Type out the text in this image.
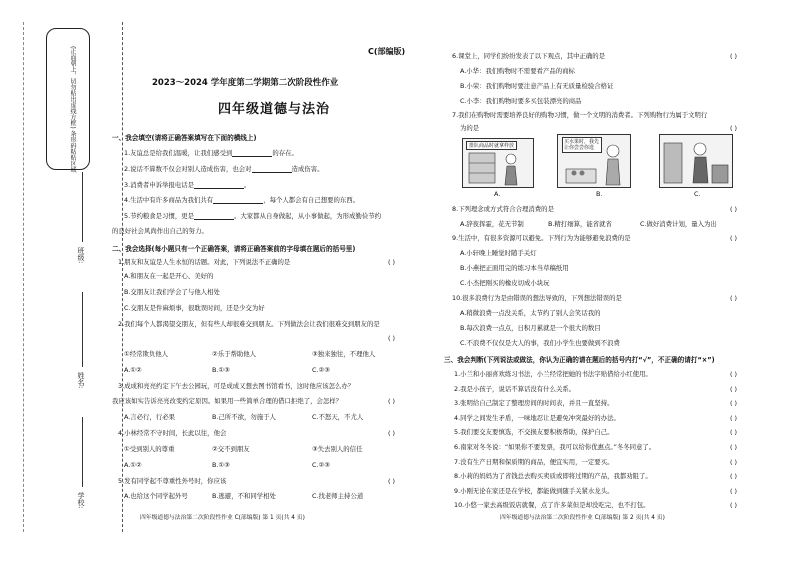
(正面朝上，切勿贴出虚线方框) 条形码粘贴区域
班级:
姓名:
学校:
C(部编版)
2023～2024 学年度第二学期第二次阶段性作业
四年级道德与法治
一、我会填空(请将正确答案填写在下面的横线上)
1.友谊总是给我们温暖，让我们感受到	的存在。
2.说话不算数不仅会对别人造成伤害，也会对	造成伤害。
3.消费者申诉举报电话是	。
4.生活中有许多商品为我们共有	，每个人都会有自己想要的东西。
5.节约粮食是习惯，更是	。大家都从自身做起，从小事做起，为形成勤俭节约
的良好社会风尚作出自己的努力。
二、我会选择(每小题只有一个正确答案，请将正确答案前的字母填在题后的括号里)
1.朋友和友谊是人生永恒的话题。对此，下列说法不正确的是	( )
A.和朋友在一起是开心、美好的
B.交朋友让我们学会了与他人相处
C.交朋友是件麻烦事，很耽误时间，还是少交为好
2.我们每个人都渴望交朋友，但有些人却很难交到朋友。下列做法会让我们很难交到朋友的是
( )
①经常欺负他人	②乐于帮助他人	③独来独往，不理他人
A.①②	B.①③	C.②③
3.成成和亮亮约定下午去公园玩，可是成成又想去图书馆看书，这时他应该怎么办？
我应该如实告诉亮亮改变约定原因。如果用一些简单合理的借口拒绝了，会怎样？	( )
A.言必行，行必果	B.己所不欲，勿施于人	C.不怒天，不尤人
4.小林经常不守时间，长此以往，他会	( )
①受到别人的尊重	②交不到朋友	③失去别人的信任
A.①②	B.①③	C.②③
5.发有同学起不尊重性外号时，你应该	( )
A.也给这个同学起外号	B.逃避，不和同学相处	C.找老师主持公道
四年级道德与法治第二次阶段性作业 C(部编版) 第 1 页(共 4 页)
6.课堂上，同学们纷纷发表了以下观点，其中正确的是	( )
A.小华：我们购物时不需要看产品的商标
B.小荣：我们购物时要注意产品上有无质量检验合格证
C.小李：我们购物时要多买包装漂亮的商品
7.我们在购物时需要培养良好的购物习惯，做一个文明的消费者。下列购物行为属于文明行
为的是	( )
排队商品时就拿样放
A.
买水果时，我先让你尝尝你选
B.	C.
8.下列理念或方式符合合理消费的是	( )
A.辞夜挥霍，花无节制	B.精打细算，能省就省	C.做好消费计划，量入为出
9.生活中，有很多资源可以避免。下列行为为能够避免浪费的是	( )
A.小轩晚上睡觉时随手关灯
B.小燕把正面用完的练习本当草稿纸用
C.小杰把刚买的橡皮切成小块玩
10.很多浪费行为是由错误的想法导致的，下列想法错误的是	( )
A.稍微浪费一点没关系，太节约了别人会笑话我的
B.每次浪费一点点，日积月累就是一个很大的数目
C.不浪费不仅仅是大人的事，我们小学生也要做到不浪费
三、我会判断(下列说法或做法，你认为正确的请在题后的括号内打“√”，不正确的请打“×”)
1.小兰和小丽喜欢练习书法，小兰经常把她的书法字贴借给小红使用。	( )
2.我是小孩子，说话不算话没有什么关系。	( )
3.张明给自己制定了整理房间的时间表，并且一直坚持。	( )
4.同学之间发生矛盾，一味地忍让是避免冲突最好的办法。	( )
5.我们要交友要慎选，不交损友要积极帮助，保护自己。	( )
6.南家对冬冬说：“如果你不要发票，我可以给你优惠点。”冬冬同意了。	( )
7.没有生产日期和保质期的商品，便宜实用，一定要买。	( )
8.小莉的妈妈为了省钱总去购买卖质或即将过期的产品，我都劝阻了。	( )
9.小刚无论在家还是在学校，都能做到随手关紧水龙头。	( )
10.小悠一家去高级饭店就餐，点了许多菜但是却没吃完，也不打包。	( )
四年级道德与法治第二次阶段性作业 C(部编版) 第 2 页(共 4 页)
